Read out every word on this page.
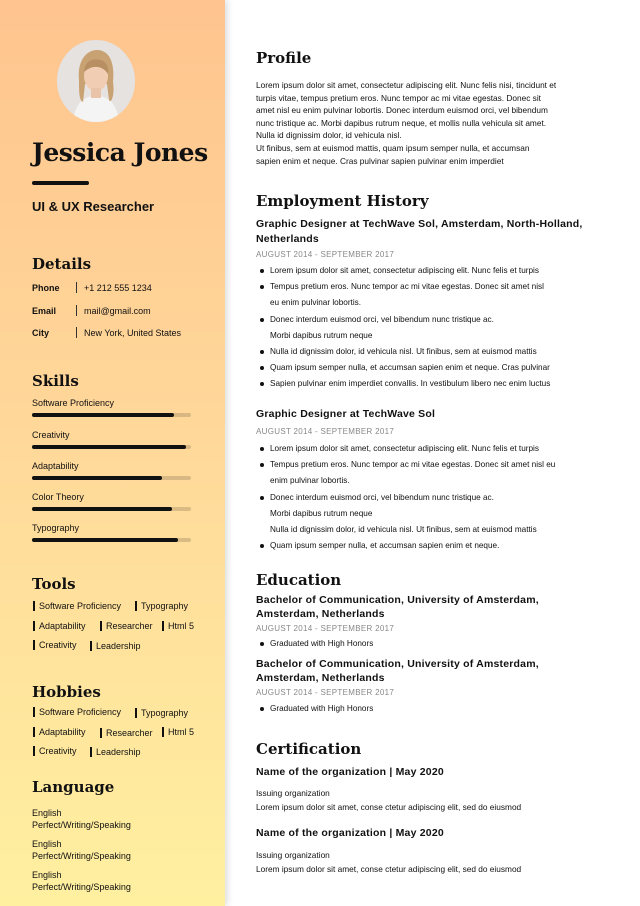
Jessica Jones
UI & UX Researcher
Details
Phone	+1 212 555 1234
Email	mail@gmail.com
City	New York, United States
Skills
Software Proficiency
Creativity
Adaptability
Color Theory
Typography
Tools
Software Proficiency	Typography
Adaptability	Researcher	Html 5
Creativity	Leadership
Hobbies
Software Proficiency	Typography
Adaptability	Researcher	Html 5
Creativity	Leadership
Language
English
Perfect/Writing/Speaking
English
Perfect/Writing/Speaking
English
Perfect/Writing/Speaking
Profile
Lorem ipsum dolor sit amet, consectetur adipiscing elit. Nunc felis nisi, tincidunt et
turpis vitae, tempus pretium eros. Nunc tempor ac mi vitae egestas. Donec sit
amet nisl eu enim pulvinar lobortis. Donec interdum euismod orci, vel bibendum
nunc tristique ac. Morbi dapibus rutrum neque, et mollis nulla vehicula sit amet.
Nulla id dignissim dolor, id vehicula nisl.
Ut finibus, sem at euismod mattis, quam ipsum semper nulla, et accumsan
sapien enim et neque. Cras pulvinar sapien pulvinar enim imperdiet
Employment History
Graphic Designer at TechWave Sol, Amsterdam, North-Holland,
Netherlands
AUGUST 2014 - SEPTEMBER 2017
Lorem ipsum dolor sit amet, consectetur adipiscing elit. Nunc felis et turpis
Tempus pretium eros. Nunc tempor ac mi vitae egestas. Donec sit amet nisl
eu enim pulvinar lobortis.
Donec interdum euismod orci, vel bibendum nunc tristique ac.
Morbi dapibus rutrum neque
Nulla id dignissim dolor, id vehicula nisl. Ut finibus, sem at euismod mattis
Quam ipsum semper nulla, et accumsan sapien enim et neque. Cras pulvinar
Sapien pulvinar enim imperdiet convallis. In vestibulum libero nec enim luctus
Graphic Designer at TechWave Sol
AUGUST 2014 - SEPTEMBER 2017
Lorem ipsum dolor sit amet, consectetur adipiscing elit. Nunc felis et turpis
Tempus pretium eros. Nunc tempor ac mi vitae egestas. Donec sit amet nisl eu
enim pulvinar lobortis.
Donec interdum euismod orci, vel bibendum nunc tristique ac.
Morbi dapibus rutrum neque
Nulla id dignissim dolor, id vehicula nisl. Ut finibus, sem at euismod mattis
Quam ipsum semper nulla, et accumsan sapien enim et neque.
Education
Bachelor of Communication, University of Amsterdam,
Amsterdam, Netherlands
AUGUST 2014 - SEPTEMBER 2017
Graduated with High Honors
Bachelor of Communication, University of Amsterdam,
Amsterdam, Netherlands
AUGUST 2014 - SEPTEMBER 2017
Graduated with High Honors
Certification
Name of the organization | May 2020
Issuing organization
Lorem ipsum dolor sit amet, conse ctetur adipiscing elit, sed do eiusmod
Name of the organization | May 2020
Issuing organization
Lorem ipsum dolor sit amet, conse ctetur adipiscing elit, sed do eiusmod
